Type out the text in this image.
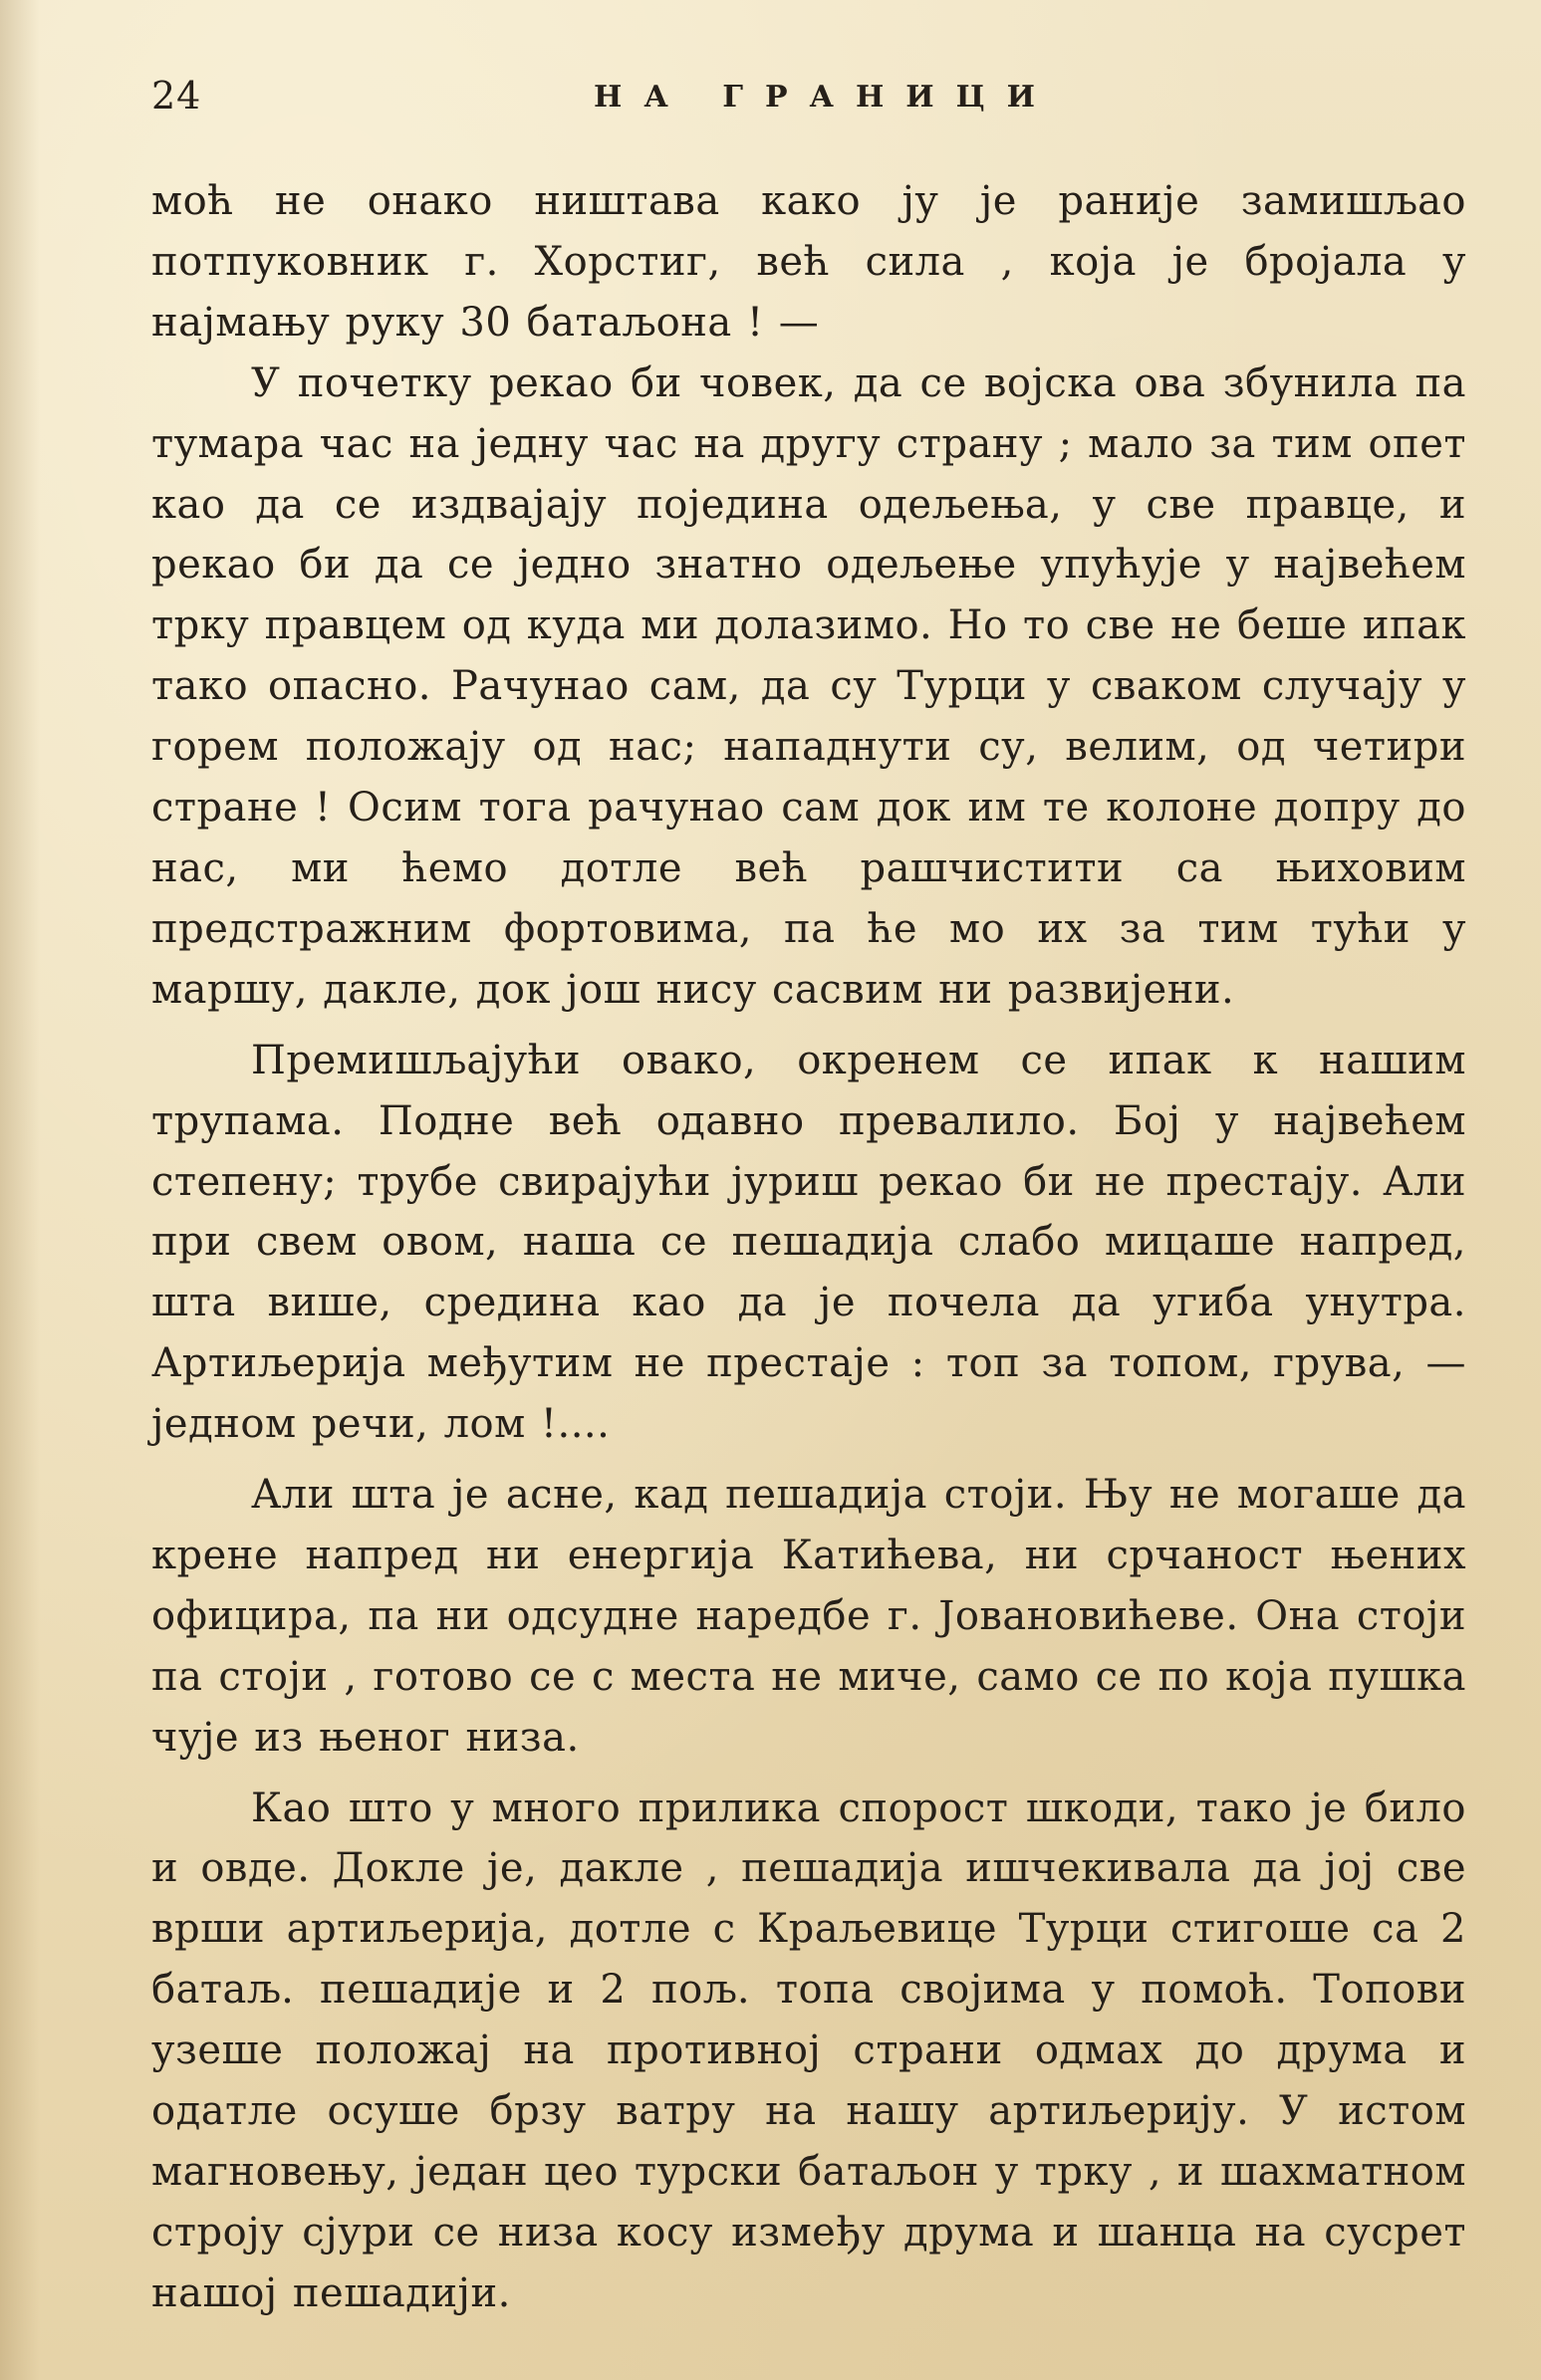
24	НА ГРАНИЦИ

моћ не онако ништава како ју је раније замишљао потпуковник г. Хорстиг, већ сила , која је бројала у најмању руку 30 батаљона ! —

У почетку рекао би човек, да се војска ова збунила па тумара час на једну час на другу страну ; мало за тим опет као да се издвајају поједина одељења, у све правце, и рекао би да се једно знатно одељење упућује у највећем трку правцем од куда ми долазимо. Но то све не беше ипак тако опасно. Рачунао сам, да су Турци у сваком случају у горем положају од нас; нападнути су, велим, од четири стране ! Осим тога рачунао сам док им те колоне допру до нас, ми ћемо дотле већ рашчистити са њиховим предстражним фортовима, па ће мо их за тим тући у маршу, дакле, док још нису сасвим ни развијени.

Премишљајући овако, окренем се ипак к нашим трупама. Подне већ одавно превалило. Бој у највећем степену; трубе свирајући јуриш рекао би не престају. Али при свем овом, наша се пешадија слабо мицаше напред, шта више, средина као да је почела да угиба унутра. Артиљерија међутим не престаје : топ за топом, грува, — једном речи, лом !....

Али шта је асне, кад пешадија стоји. Њу не могаше да крене напред ни енергија Катићева, ни срчаност њених официра, па ни одсудне наредбе г. Јовановићеве. Она стоји па стоји , готово се с места не миче, само се по која пушка чује из њеног низа.

Као што у много прилика спорост шкоди, тако је било и овде. Докле је, дакле , пешадија ишчекивала да јој све врши артиљерија, дотле с Краљевице Турци стигоше са 2 батаљ. пешадије и 2 пољ. топа својима у помоћ. Топови узеше положај на противној страни одмах до друма и одатле осуше брзу ватру на нашу артиљерију. У истом магновењу, један цео турски батаљон у трку , и шахматном строју сјури се низа косу између друма и шанца на сусрет нашој пешадији.
